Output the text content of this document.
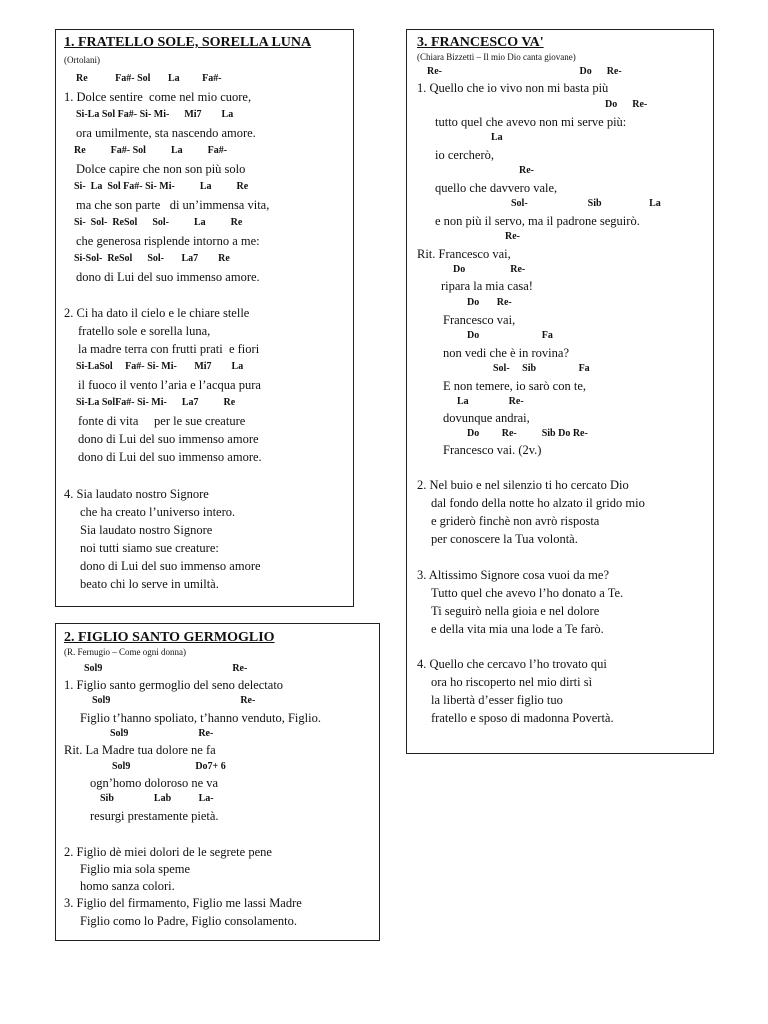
1. FRATELLO SOLE, SORELLA LUNA
(Ortolani)
Re           Fa#- Sol       La         Fa#-
1. Dolce sentire  come nel mio cuore,
Si-La Sol Fa#- Si- Mi-      Mi7        La
ora umilmente, sta nascendo amore.
Re          Fa#- Sol          La          Fa#-
Dolce capire che non son più solo
Si-  La  Sol Fa#- Si- Mi-          La          Re
ma che son parte   di un’immensa vita,
Si-  Sol-  ReSol      Sol-          La          Re
che generosa risplende intorno a me:
Si-Sol-  ReSol      Sol-       La7        Re
dono di Lui del suo immenso amore.
2. Ci ha dato il cielo e le chiare stelle
fratello sole e sorella luna,
la madre terra con frutti prati  e fiori
Si-LaSol     Fa#- Si- Mi-       Mi7        La
il fuoco il vento l’aria e l’acqua pura
Si-La SolFa#- Si- Mi-      La7          Re
fonte di vita     per le sue creature
dono di Lui del suo immenso amore
dono di Lui del suo immenso amore.
4. Sia laudato nostro Signore
che ha creato l’universo intero.
Sia laudato nostro Signore
noi tutti siamo sue creature:
dono di Lui del suo immenso amore
beato chi lo serve in umiltà.
2. FIGLIO SANTO GERMOGLIO
(R. Fernugio – Come ogni donna)
Sol9                                                    Re-
1. Figlio santo germoglio del seno delectato
Sol9                                                    Re-
Figlio t’hanno spoliato, t’hanno venduto, Figlio.
Sol9                            Re-
Rit. La Madre tua dolore ne fa
Sol9                          Do7+ 6
ogn’homo doloroso ne va
Sib                Lab           La-
resurgi prestamente pietà.
2. Figlio dè miei dolori de le segrete pene
Figlio mia sola speme
homo sanza colori.
3. Figlio del firmamento, Figlio me lassi Madre
Figlio como lo Padre, Figlio consolamento.
3. FRANCESCO VA'
(Chiara Bizzetti – Il mio Dio canta giovane)
Re-                                                       Do      Re-
1. Quello che io vivo non mi basta più
Do      Re-
tutto quel che avevo non mi serve più:
La
io cercherò,
Re-
quello che davvero vale,
Sol-                        Sib                   La
e non più il servo, ma il padrone seguirò.
Re-
Rit. Francesco vai,
Do                  Re-
ripara la mia casa!
Do       Re-
Francesco vai,
Do                         Fa
non vedi che è in rovina?
Sol-     Sib                 Fa
E non temere, io sarò con te,
La                Re-
dovunque andrai,
Do         Re-          Sib Do Re-
Francesco vai. (2v.)
2. Nel buio e nel silenzio ti ho cercato Dio
dal fondo della notte ho alzato il grido mio
e griderò finchè non avrò risposta
per conoscere la Tua volontà.
3. Altissimo Signore cosa vuoi da me?
Tutto quel che avevo l’ho donato a Te.
Ti seguirò nella gioia e nel dolore
e della vita mia una lode a Te farò.
4. Quello che cercavo l’ho trovato qui
ora ho riscoperto nel mio dirti sì
la libertà d’esser figlio tuo
fratello e sposo di madonna Povertà.
